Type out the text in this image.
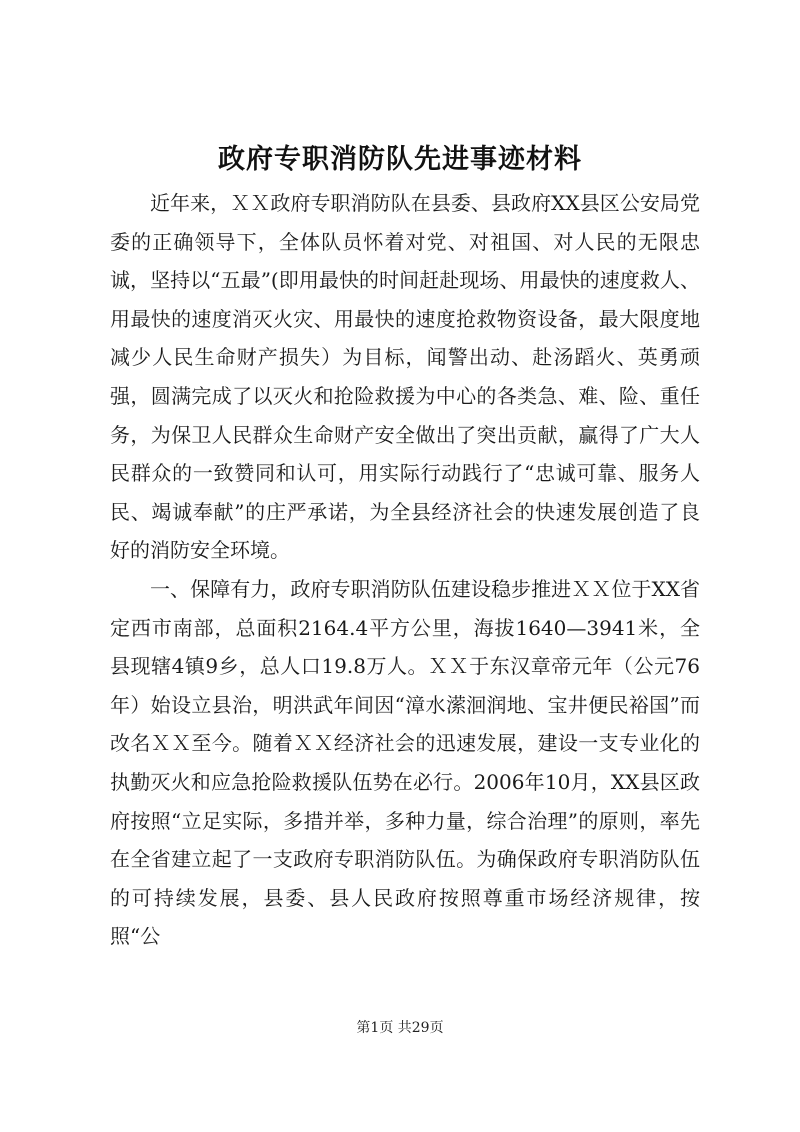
政府专职消防队先进事迹材料

近年来，ＸＸ政府专职消防队在县委、县政府XX县区公安局党委的正确领导下，全体队员怀着对党、对祖国、对人民的无限忠诚，坚持以“五最”(即用最快的时间赶赴现场、用最快的速度救人、用最快的速度消灭火灾、用最快的速度抢救物资设备，最大限度地减少人民生命财产损失）为目标，闻警出动、赴汤蹈火、英勇顽强，圆满完成了以灭火和抢险救援为中心的各类急、难、险、重任务，为保卫人民群众生命财产安全做出了突出贡献，赢得了广大人民群众的一致赞同和认可，用实际行动践行了“忠诚可靠、服务人民、竭诚奉献”的庄严承诺，为全县经济社会的快速发展创造了良好的消防安全环境。

一、保障有力，政府专职消防队伍建设稳步推进ＸＸ位于XX省定西市南部，总面积2164.4平方公里，海拔1640—3941米，全县现辖4镇9乡，总人口19.8万人。ＸＸ于东汉章帝元年（公元76年）始设立县治，明洪武年间因“漳水潆洄润地、宝井便民裕国”而改名ＸＸ至今。随着ＸＸ经济社会的迅速发展，建设一支专业化的执勤灭火和应急抢险救援队伍势在必行。2006年10月，XX县区政府按照“立足实际，多措并举，多种力量，综合治理”的原则，率先在全省建立起了一支政府专职消防队伍。为确保政府专职消防队伍的可持续发展，县委、县人民政府按照尊重市场经济规律，按照“公

第1页 共29页
